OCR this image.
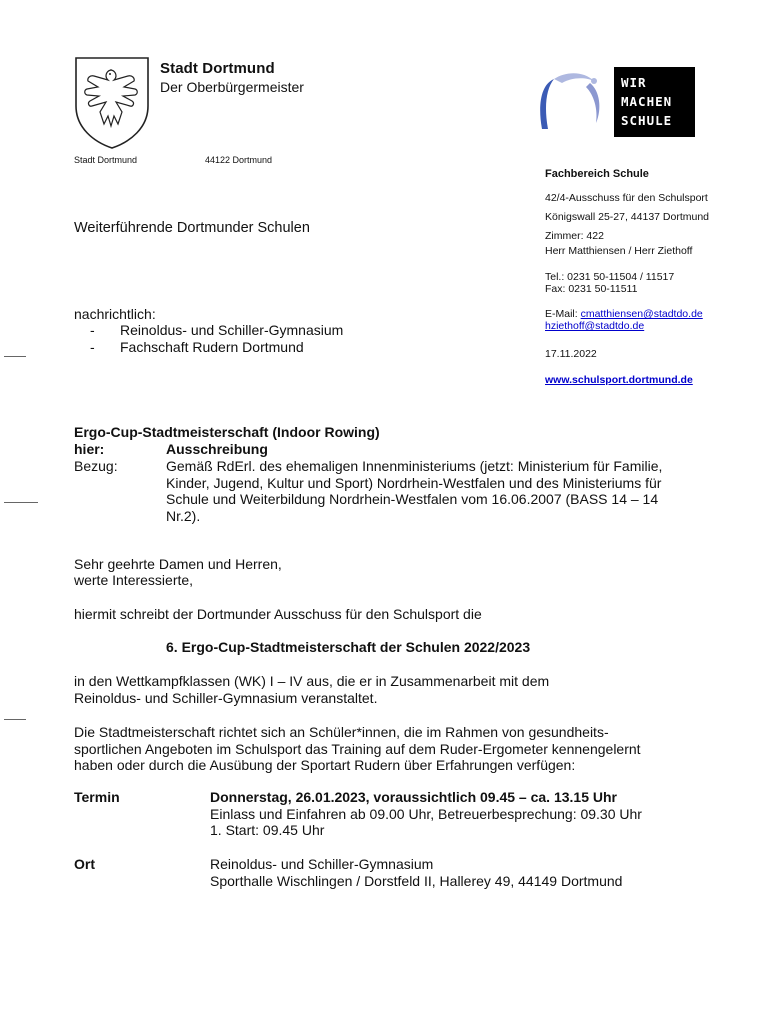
Stadt Dortmund
Der Oberbürgermeister
Stadt Dortmund	44122 Dortmund
WIR
MACHEN
SCHULE
Fachbereich Schule
42/4-Ausschuss für den Schulsport
Königswall 25-27, 44137 Dortmund
Zimmer: 422
Herr Matthiensen / Herr Ziethoff
Tel.: 0231 50-11504 / 11517
Fax: 0231 50-11511
E-Mail: cmatthiensen@stadtdo.de
hziethoff@stadtdo.de
17.11.2022
www.schulsport.dortmund.de
Weiterführende Dortmunder Schulen
nachrichtlich:
- Reinoldus- und Schiller-Gymnasium
- Fachschaft Rudern Dortmund
Ergo-Cup-Stadtmeisterschaft (Indoor Rowing)
hier:	Ausschreibung
Bezug:	Gemäß RdErl. des ehemaligen Innenministeriums (jetzt: Ministerium für Familie,
Kinder, Jugend, Kultur und Sport) Nordrhein-Westfalen und des Ministeriums für
Schule und Weiterbildung Nordrhein-Westfalen vom 16.06.2007 (BASS 14 – 14
Nr.2).
Sehr geehrte Damen und Herren,
werte Interessierte,
hiermit schreibt der Dortmunder Ausschuss für den Schulsport die
6. Ergo-Cup-Stadtmeisterschaft der Schulen 2022/2023
in den Wettkampfklassen (WK) I – IV aus, die er in Zusammenarbeit mit dem
Reinoldus- und Schiller-Gymnasium veranstaltet.
Die Stadtmeisterschaft richtet sich an Schüler*innen, die im Rahmen von gesundheits-
sportlichen Angeboten im Schulsport das Training auf dem Ruder-Ergometer kennengelernt
haben oder durch die Ausübung der Sportart Rudern über Erfahrungen verfügen:
Termin	Donnerstag, 26.01.2023, voraussichtlich 09.45 – ca. 13.15 Uhr
Einlass und Einfahren ab 09.00 Uhr, Betreuerbesprechung: 09.30 Uhr
1. Start: 09.45 Uhr
Ort	Reinoldus- und Schiller-Gymnasium
Sporthalle Wischlingen / Dorstfeld II, Hallerey 49, 44149 Dortmund
